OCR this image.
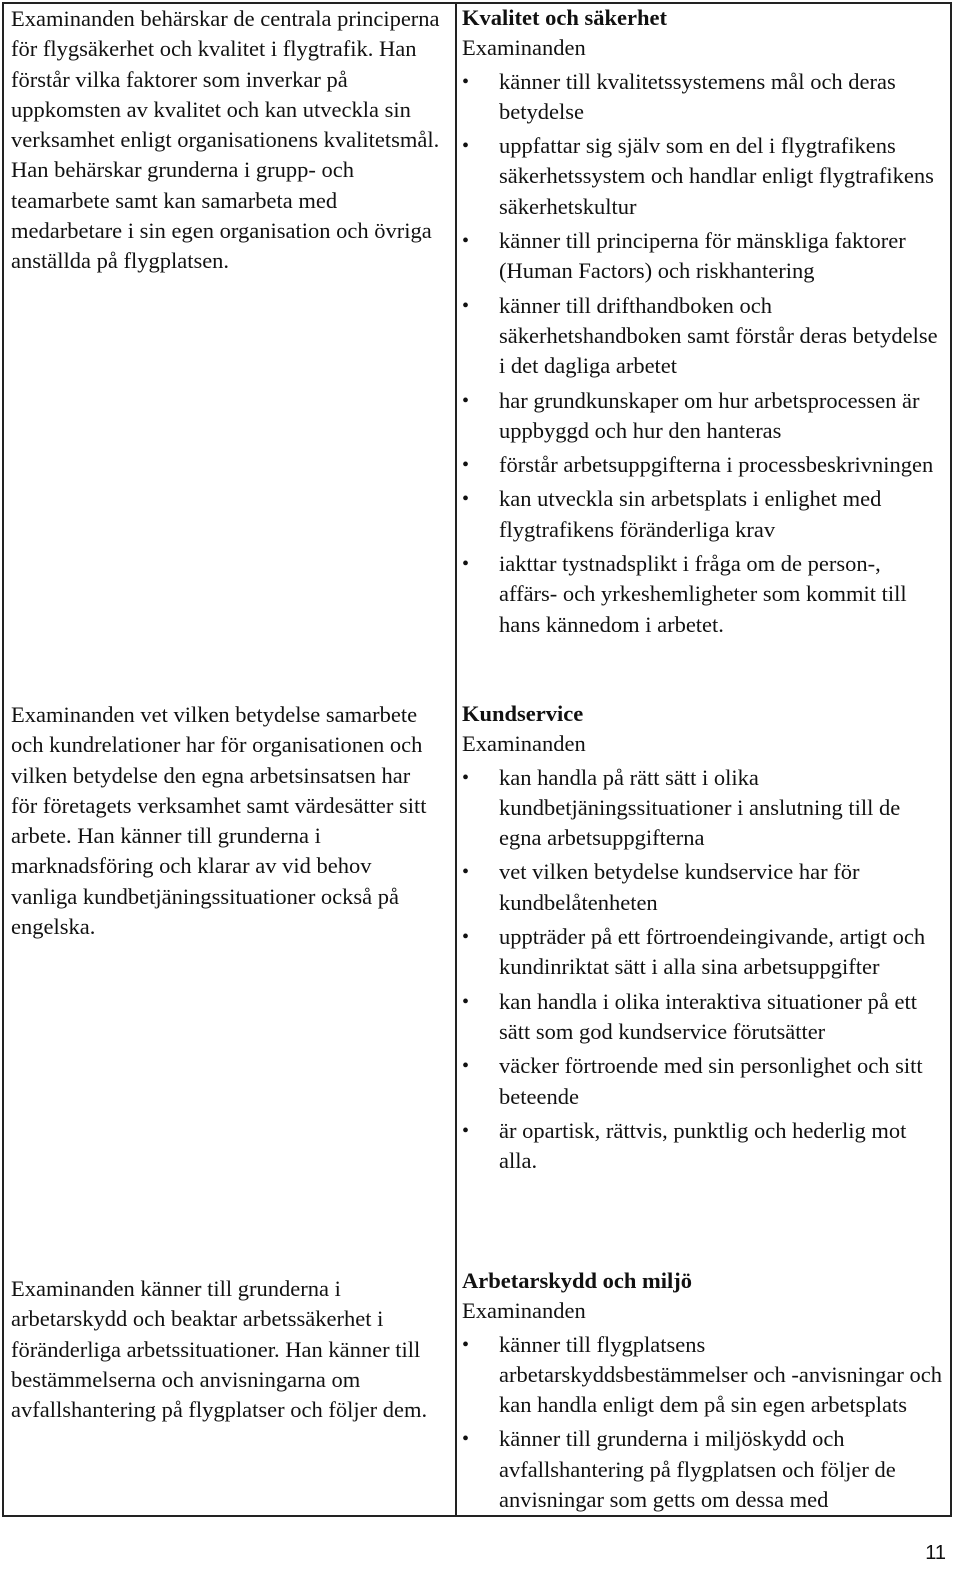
Examinanden behärskar de centrala principerna för flygsäkerhet och kvalitet i flygtrafik. Han förstår vilka faktorer som inverkar på uppkomsten av kvalitet och kan utveckla sin verksamhet enligt organisationens kvalitetsmål. Han behärskar grunderna i grupp- och teamarbete samt kan samarbeta med medarbetare i sin egen organisation och övriga anställda på flygplatsen.

Kvalitet och säkerhet

Examinanden

• känner till kvalitetssystemens mål och deras betydelse
• uppfattar sig själv som en del i flygtrafikens säkerhetssystem och handlar enligt flygtrafikens säkerhetskultur
• känner till principerna för mänskliga faktorer (Human Factors) och riskhantering
• känner till drifthandboken och säkerhetshandboken samt förstår deras betydelse i det dagliga arbetet
• har grundkunskaper om hur arbetsprocessen är uppbyggd och hur den hanteras
• förstår arbetsuppgifterna i processbeskrivningen
• kan utveckla sin arbetsplats i enlighet med flygtrafikens föränderliga krav
• iakttar tystnadsplikt i fråga om de person-, affärs- och yrkeshemligheter som kommit till hans kännedom i arbetet.

Examinanden vet vilken betydelse samarbete och kundrelationer har för organisationen och vilken betydelse den egna arbetsinsatsen har för företagets verksamhet samt värdesätter sitt arbete. Han känner till grunderna i marknadsföring och klarar av vid behov vanliga kundbetjäningssituationer också på engelska.

Kundservice

Examinanden

• kan handla på rätt sätt i olika kundbetjäningssituationer i anslutning till de egna arbetsuppgifterna
• vet vilken betydelse kundservice har för kundbelåtenheten
• uppträder på ett förtroendeingivande, artigt och kundinriktat sätt i alla sina arbetsuppgifter
• kan handla i olika interaktiva situationer på ett sätt som god kundservice förutsätter
• väcker förtroende med sin personlighet och sitt beteende
• är opartisk, rättvis, punktlig och hederlig mot alla.

Examinanden känner till grunderna i arbetarskydd och beaktar arbetssäkerhet i föränderliga arbetssituationer. Han känner till bestämmelserna och anvisningarna om avfallshantering på flygplatser och följer dem.

Arbetarskydd och miljö

Examinanden

• känner till flygplatsens arbetarskyddsbestämmelser och -anvisningar och kan handla enligt dem på sin egen arbetsplats
• känner till grunderna i miljöskydd och avfallshantering på flygplatsen och följer de anvisningar som getts om dessa med
11
